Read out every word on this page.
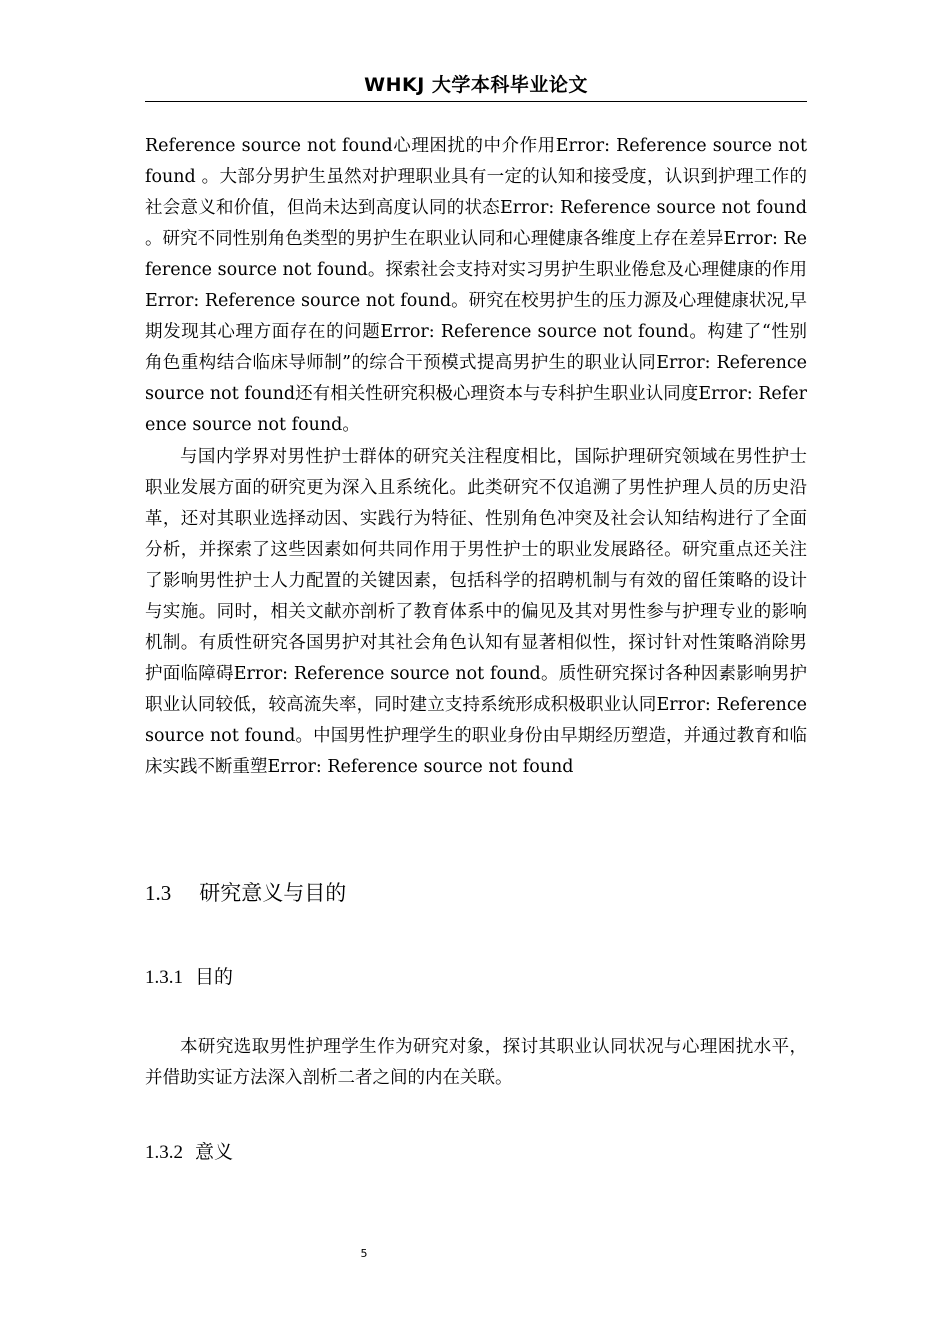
WHKJ 大学本科毕业论文

Reference source not found心理困扰的中介作用Error: Reference source not found 。大部分男护生虽然对护理职业具有一定的认知和接受度，认识到护理工作的社会意义和价值，但尚未达到高度认同的状态Error: Reference source not found 。研究不同性别角色类型的男护生在职业认同和心理健康各维度上存在差异Error: Reference source not found。探索社会支持对实习男护生职业倦怠及心理健康的作用Error: Reference source not found。研究在校男护生的压力源及心理健康状况,早期发现其心理方面存在的问题Error: Reference source not found。构建了“性别角色重构结合临床导师制”的综合干预模式提高男护生的职业认同Error: Reference source not found还有相关性研究积极心理资本与专科护生职业认同度Error: Reference source not found。

与国内学界对男性护士群体的研究关注程度相比，国际护理研究领域在男性护士职业发展方面的研究更为深入且系统化。此类研究不仅追溯了男性护理人员的历史沿革，还对其职业选择动因、实践行为特征、性别角色冲突及社会认知结构进行了全面分析，并探索了这些因素如何共同作用于男性护士的职业发展路径。研究重点还关注了影响男性护士人力配置的关键因素，包括科学的招聘机制与有效的留任策略的设计与实施。同时，相关文献亦剖析了教育体系中的偏见及其对男性参与护理专业的影响机制。有质性研究各国男护对其社会角色认知有显著相似性，探讨针对性策略消除男护面临障碍Error: Reference source not found。质性研究探讨各种因素影响男护职业认同较低，较高流失率，同时建立支持系统形成积极职业认同Error: Reference source not found。中国男性护理学生的职业身份由早期经历塑造，并通过教育和临床实践不断重塑Error: Reference source not found

1.3 研究意义与目的
1.3.1 目的

本研究选取男性护理学生作为研究对象，探讨其职业认同状况与心理困扰水平，并借助实证方法深入剖析二者之间的内在关联。

1.3.2 意义
5
